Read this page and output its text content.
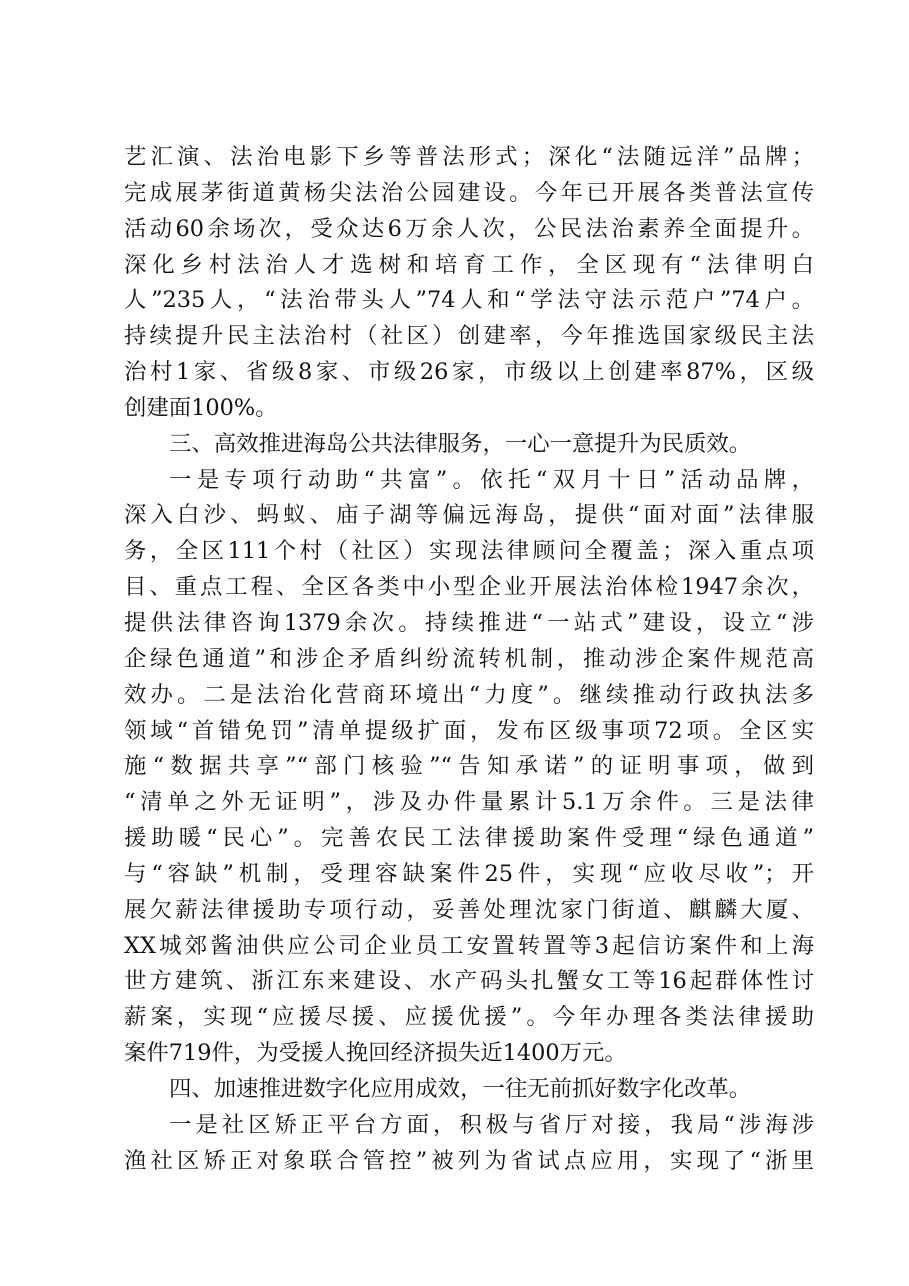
艺汇演、法治电影下乡等普法形式；深化“法随远洋”品牌；
完成展茅街道黄杨尖法治公园建设。今年已开展各类普法宣传
活动60余场次，受众达6万余人次，公民法治素养全面提升。
深化乡村法治人才选树和培育工作，全区现有“法律明白
人”235人，“法治带头人”74人和“学法守法示范户”74户。
持续提升民主法治村（社区）创建率，今年推选国家级民主法
治村1家、省级8家、市级26家，市级以上创建率87%，区级
创建面100%。
三、高效推进海岛公共法律服务，一心一意提升为民质效。
一是专项行动助“共富”。依托“双月十日”活动品牌，
深入白沙、蚂蚁、庙子湖等偏远海岛，提供“面对面”法律服
务，全区111个村（社区）实现法律顾问全覆盖；深入重点项
目、重点工程、全区各类中小型企业开展法治体检1947余次，
提供法律咨询1379余次。持续推进“一站式”建设，设立“涉
企绿色通道”和涉企矛盾纠纷流转机制，推动涉企案件规范高
效办。二是法治化营商环境出“力度”。继续推动行政执法多
领域“首错免罚”清单提级扩面，发布区级事项72项。全区实
施“数据共享”“部门核验”“告知承诺”的证明事项，做到
“清单之外无证明”，涉及办件量累计5.1万余件。三是法律
援助暖“民心”。完善农民工法律援助案件受理“绿色通道”
与“容缺”机制，受理容缺案件25件，实现“应收尽收”；开
展欠薪法律援助专项行动，妥善处理沈家门街道、麒麟大厦、
XX城郊酱油供应公司企业员工安置转置等3起信访案件和上海
世方建筑、浙江东来建设、水产码头扎蟹女工等16起群体性讨
薪案，实现“应援尽援、应援优援”。今年办理各类法律援助
案件719件，为受援人挽回经济损失近1400万元。
四、加速推进数字化应用成效，一往无前抓好数字化改革。
一是社区矫正平台方面，积极与省厅对接，我局“涉海涉
渔社区矫正对象联合管控”被列为省试点应用，实现了“浙里
